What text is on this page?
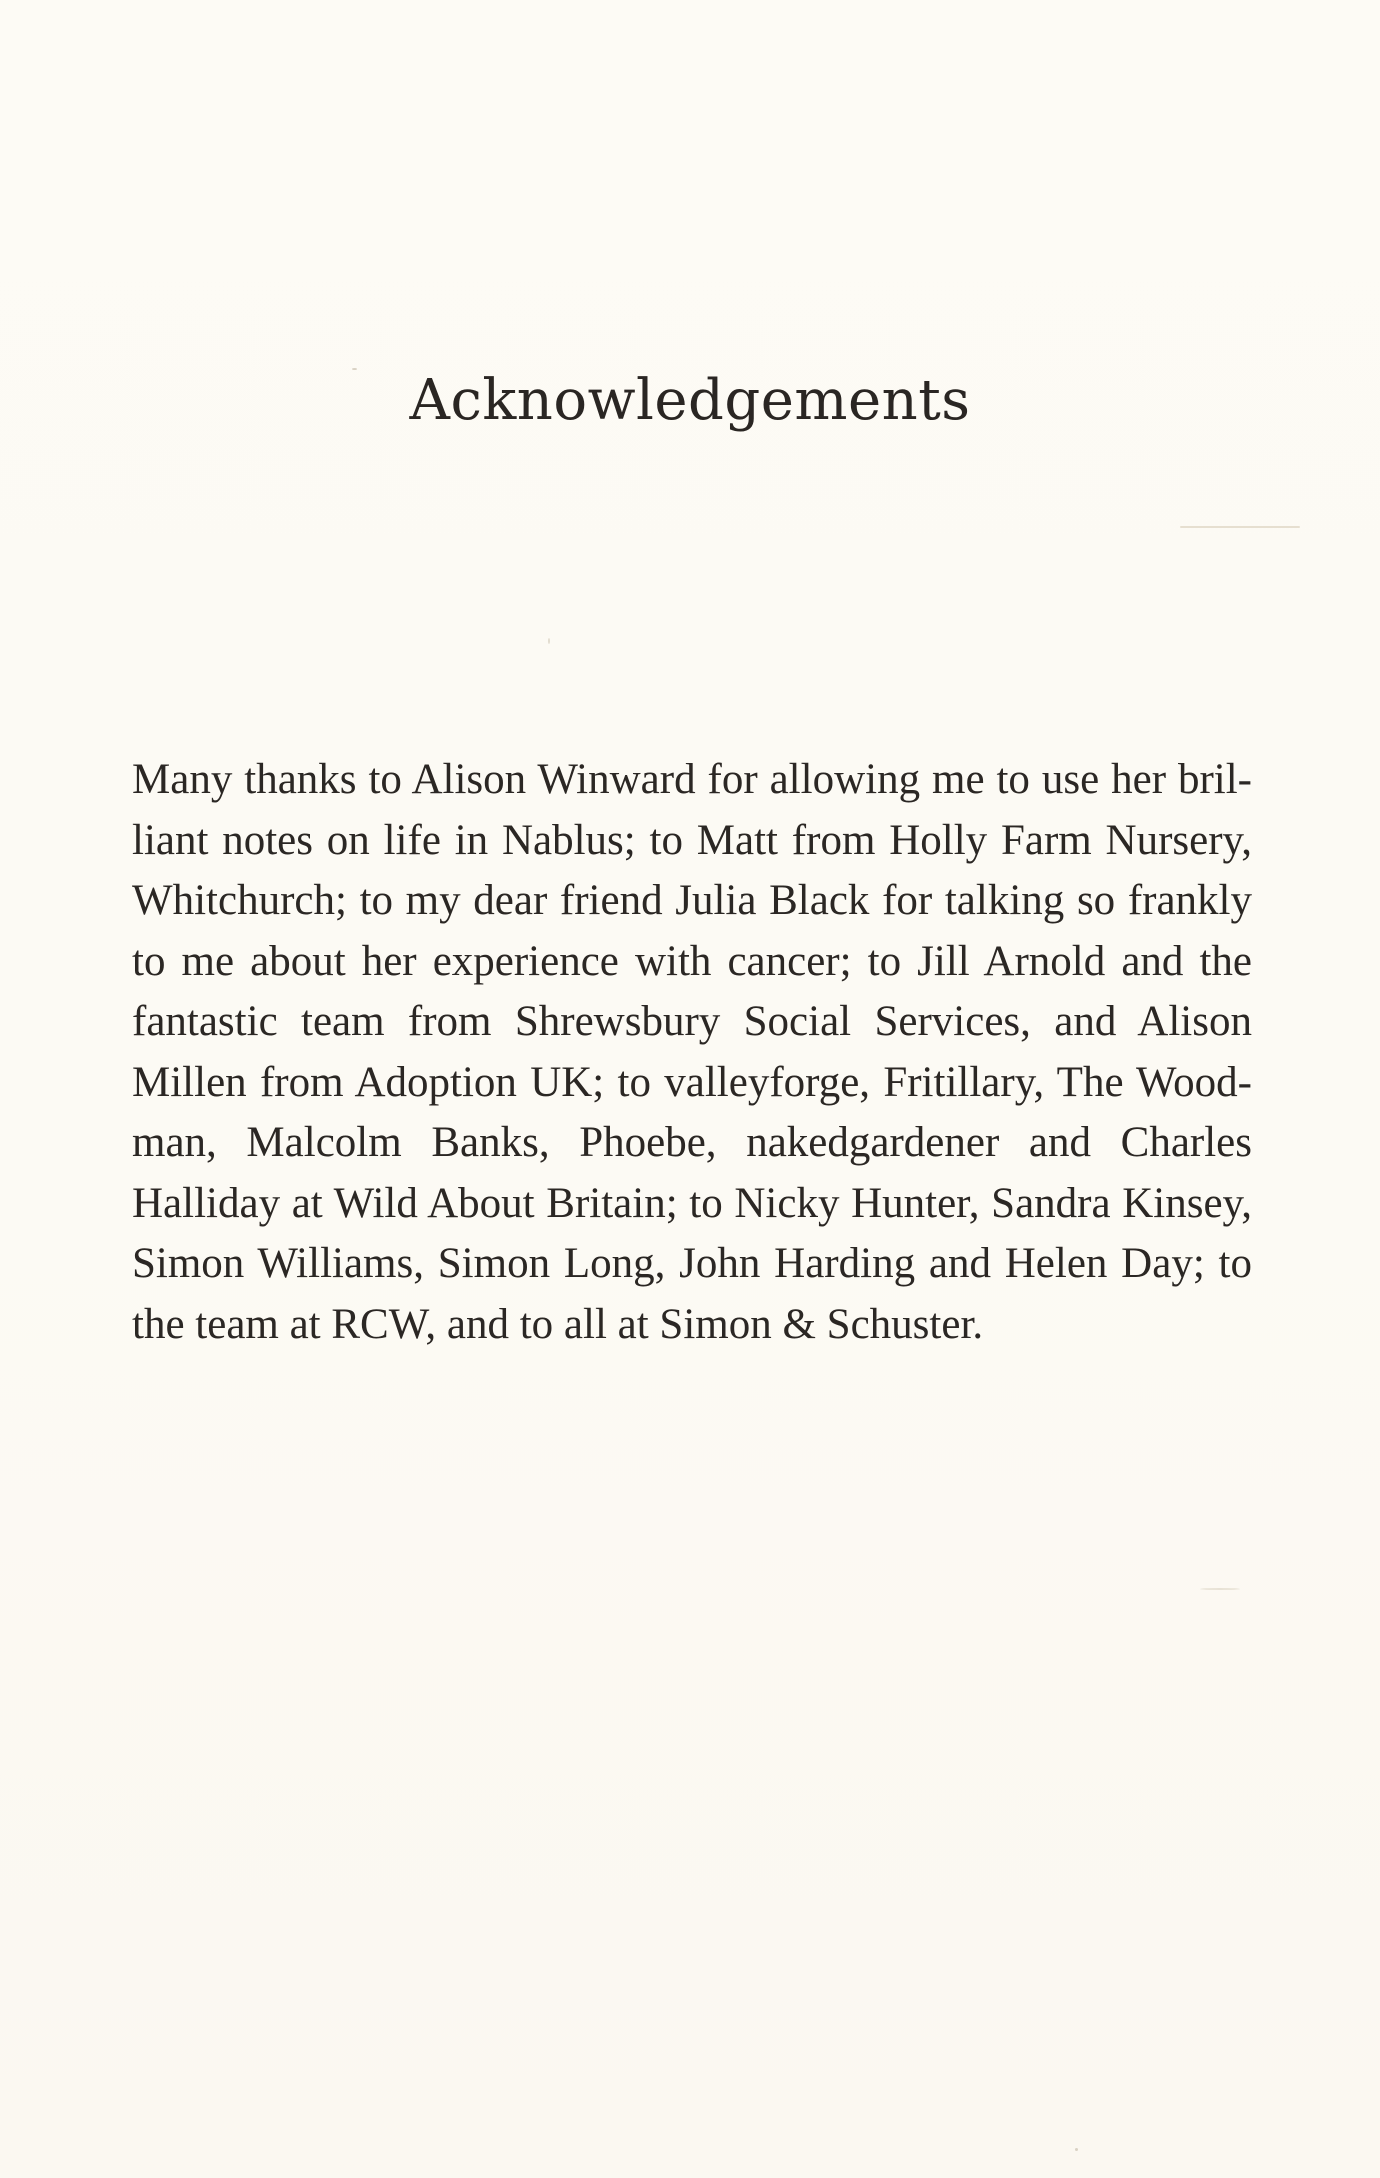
Acknowledgements

Many thanks to Alison Winward for allowing me to use her bril-
liant notes on life in Nablus; to Matt from Holly Farm Nursery,
Whitchurch; to my dear friend Julia Black for talking so frankly
to me about her experience with cancer; to Jill Arnold and the
fantastic team from Shrewsbury Social Services, and Alison
Millen from Adoption UK; to valleyforge, Fritillary, The Wood-
man, Malcolm Banks, Phoebe, nakedgardener and Charles
Halliday at Wild About Britain; to Nicky Hunter, Sandra Kinsey,
Simon Williams, Simon Long, John Harding and Helen Day; to
the team at RCW, and to all at Simon & Schuster.
